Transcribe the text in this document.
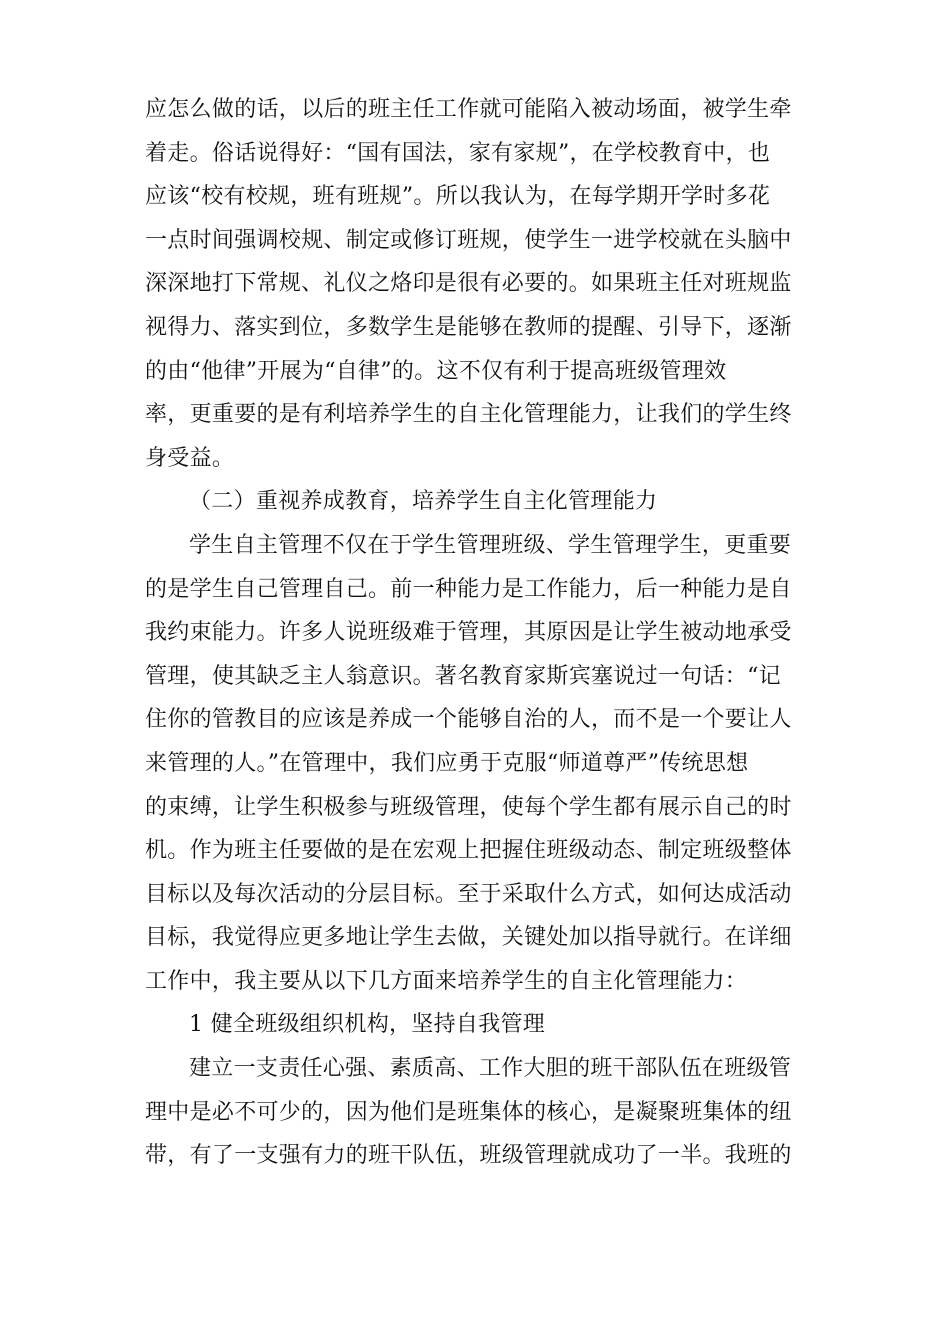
应怎么做的话，以后的班主任工作就可能陷入被动场面，被学生牵
着走。俗话说得好：“国有国法，家有家规”，在学校教育中，也
应该“校有校规，班有班规”。所以我认为，在每学期开学时多花
一点时间强调校规、制定或修订班规，使学生一进学校就在头脑中
深深地打下常规、礼仪之烙印是很有必要的。如果班主任对班规监
视得力、落实到位，多数学生是能够在教师的提醒、引导下，逐渐
的由“他律”开展为“自律”的。这不仅有利于提高班级管理效
率，更重要的是有利培养学生的自主化管理能力，让我们的学生终
身受益。
（二）重视养成教育，培养学生自主化管理能力
学生自主管理不仅在于学生管理班级、学生管理学生，更重要
的是学生自己管理自己。前一种能力是工作能力，后一种能力是自
我约束能力。许多人说班级难于管理，其原因是让学生被动地承受
管理，使其缺乏主人翁意识。著名教育家斯宾塞说过一句话：“记
住你的管教目的应该是养成一个能够自治的人，而不是一个要让人
来管理的人。”在管理中，我们应勇于克服“师道尊严”传统思想
的束缚，让学生积极参与班级管理，使每个学生都有展示自己的时
机。作为班主任要做的是在宏观上把握住班级动态、制定班级整体
目标以及每次活动的分层目标。至于采取什么方式，如何达成活动
目标，我觉得应更多地让学生去做，关键处加以指导就行。在详细
工作中，我主要从以下几方面来培养学生的自主化管理能力：
1 健全班级组织机构，坚持自我管理
建立一支责任心强、素质高、工作大胆的班干部队伍在班级管
理中是必不可少的，因为他们是班集体的核心，是凝聚班集体的纽
带，有了一支强有力的班干队伍，班级管理就成功了一半。我班的
